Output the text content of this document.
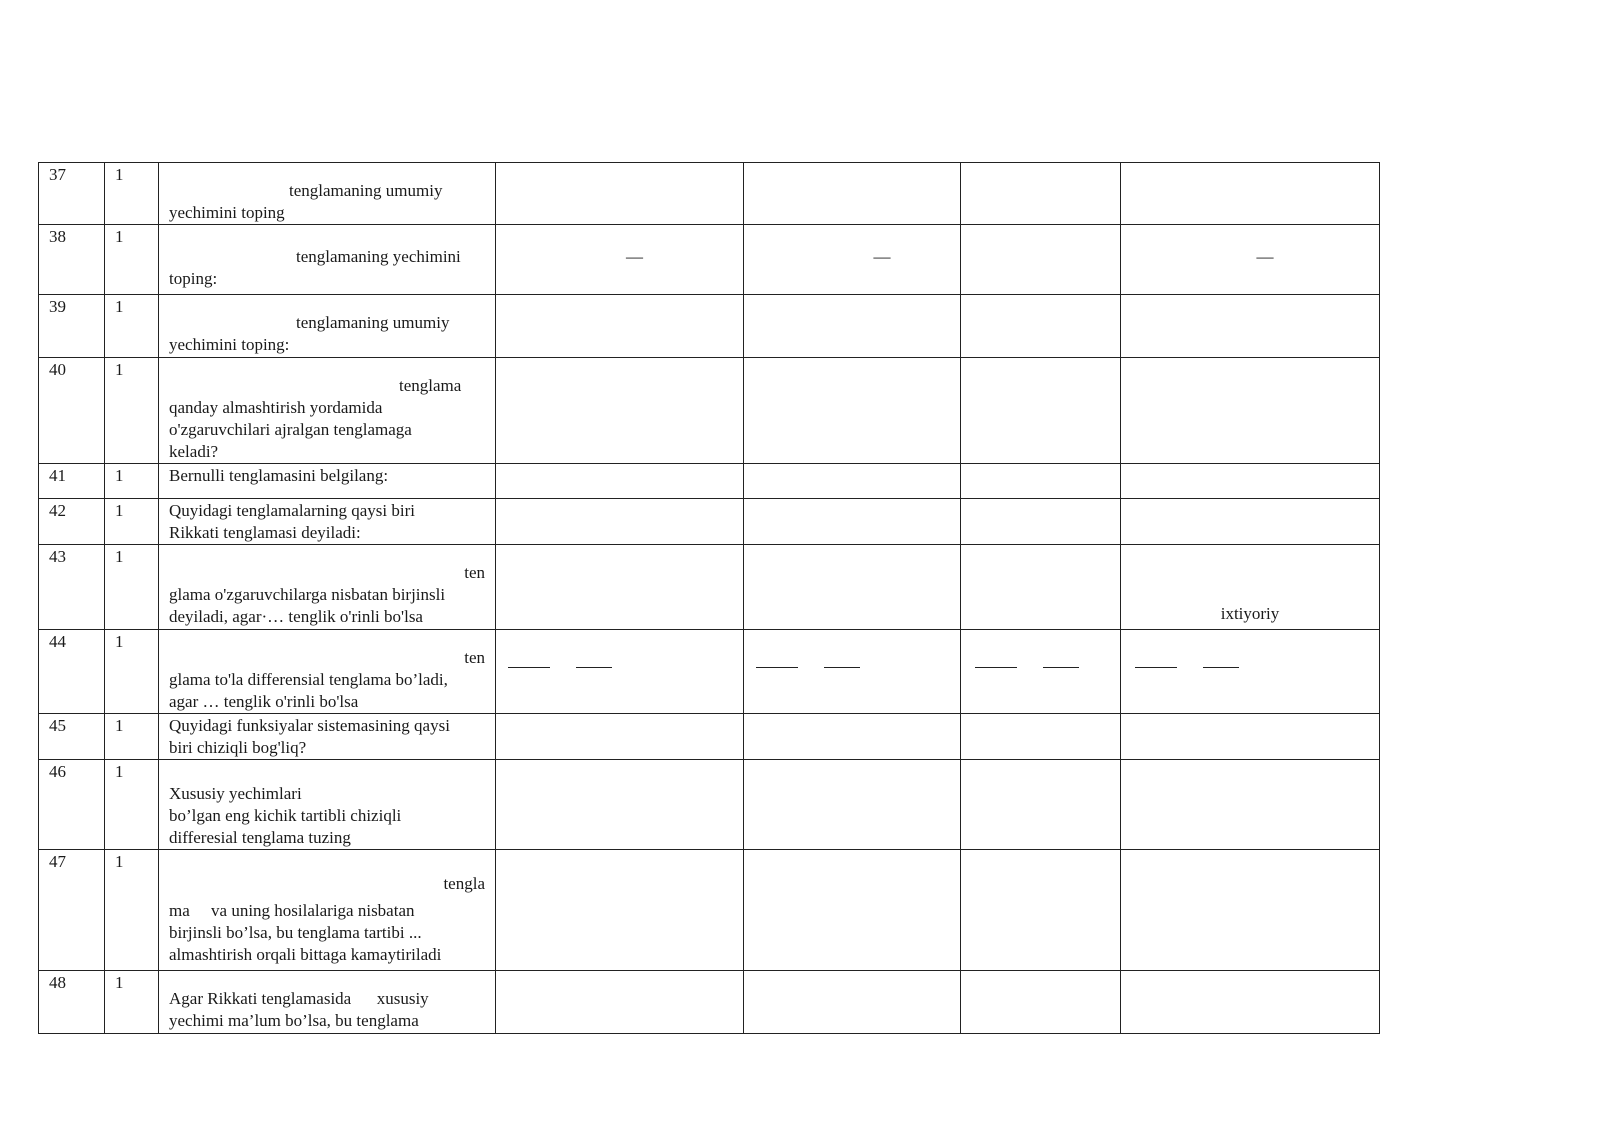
37	1	tenglamaning umumiy
yechimini toping				

38	1	tenglamaning yechimini
toping:	—	—		—

39	1	tenglamaning umumiy
yechimini toping:				

40	1	tenglama
qanday almashtirish yordamida
o'zgaruvchilari ajralgan tenglamaga
keladi?				

41	1	Bernulli tenglamasini belgilang:				

42	1	Quyidagi tenglamalarning qaysi biri
Rikkati tenglamasi deyiladi:				

43	1	ten
glama o'zgaruvchilarga nisbatan birjinsli
deyiladi, agar·… tenglik o'rinli bo'lsa				ixtiyoriy

44	1	ten
glama to'la differensial tenglama bo’ladi,
agar … tenglik o'rinli bo'lsa				

45	1	Quyidagi funksiyalar sistemasining qaysi
biri chiziqli bog'liq?				

46	1	Xususiy yechimlari
bo’lgan eng kichik tartibli chiziqli
differesial tenglama tuzing				

47	1	tengla
ma     va uning hosilalariga nisbatan
birjinsli bo’lsa, bu tenglama tartibi ...
almashtirish orqali bittaga kamaytiriladi				

48	1	Agar Rikkati tenglamasida      xususiy
yechimi ma’lum bo’lsa, bu tenglama				
